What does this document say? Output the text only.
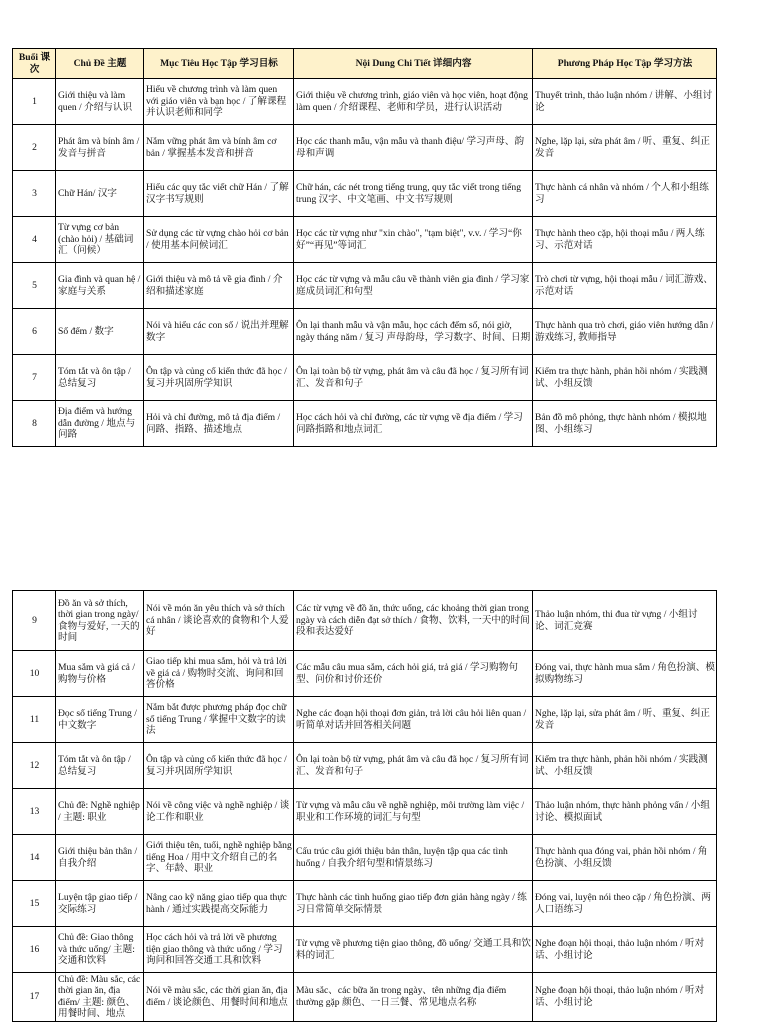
Buổi 课次	Chủ Đề 主题	Mục Tiêu Học Tập 学习目标	Nội Dung Chi Tiết 详细内容	Phương Pháp Học Tập 学习方法
1	Giới thiệu và làm quen / 介绍与认识	Hiểu về chương trình và làm quen với giáo viên và bạn học / 了解课程并认识老师和同学	Giới thiệu về chương trình, giáo viên và học viên, hoạt động làm quen / 介绍课程、老师和学员，进行认识活动	Thuyết trình, thảo luận nhóm / 讲解、小组讨论
2	Phát âm và bính âm / 发音与拼音	Nắm vững phát âm và bính âm cơ bản / 掌握基本发音和拼音	Học các thanh mẫu, vận mẫu và thanh điệu/ 学习声母、韵母和声调	Nghe, lặp lại, sửa phát âm / 听、重复、纠正发音
3	Chữ Hán/ 汉字	Hiểu các quy tắc viết chữ Hán / 了解汉字书写规则	Chữ hán, các nét trong tiếng trung, quy tắc viết trong tiếng trung 汉字、中文笔画、中文书写规则	Thực hành cá nhân và nhóm / 个人和小组练习
4	Từ vựng cơ bản (chào hỏi) / 基础词汇（问候）	Sử dụng các từ vựng chào hỏi cơ bản / 使用基本问候词汇	Học các từ vựng như "xin chào", "tạm biệt", v.v. / 学习“你好”“再见”等词汇	Thực hành theo cặp, hội thoại mẫu / 两人练习、示范对话
5	Gia đình và quan hệ / 家庭与关系	Giới thiệu và mô tả về gia đình / 介绍和描述家庭	Học các từ vựng và mẫu câu về thành viên gia đình / 学习家庭成员词汇和句型	Trò chơi từ vựng, hội thoại mẫu / 词汇游戏、示范对话
6	Số đếm / 数字	Nói và hiểu các con số / 说出并理解数字	Ôn lại thanh mẫu và vận mẫu, học cách đếm số, nói giờ, ngày tháng năm / 复习 声母韵母，学习数字、时间、日期	Thực hành qua trò chơi, giáo viên hướng dẫn / 游戏练习, 教师指导
7	Tóm tắt và ôn tập / 总结复习	Ôn tập và củng cố kiến thức đã học / 复习并巩固所学知识	Ôn lại toàn bộ từ vựng, phát âm và câu đã học / 复习所有词汇、发音和句子	Kiểm tra thực hành, phản hồi nhóm / 实践测试、小组反馈
8	Địa điểm và hướng dẫn đường / 地点与问路	Hỏi và chỉ đường, mô tả địa điểm / 问路、指路、描述地点	Học cách hỏi và chỉ đường, các từ vựng về địa điểm / 学习问路指路和地点词汇	Bản đồ mô phỏng, thực hành nhóm / 模拟地图、小组练习
9	Đồ ăn và sở thích, thời gian trong ngày/ 食物与爱好, 一天的时间	Nói về món ăn yêu thích và sở thích cá nhân / 谈论喜欢的食物和个人爱好	Các từ vựng về đồ ăn, thức uống, các khoảng thời gian trong ngày và cách diễn đạt sở thích / 食物、饮料, 一天中的时间段和表达爱好	Thảo luận nhóm, thi đua từ vựng / 小组讨论、词汇竞赛
10	Mua sắm và giá cả / 购物与价格	Giao tiếp khi mua sắm, hỏi và trả lời về giá cả / 购物时交流、询问和回答价格	Các mẫu câu mua sắm, cách hỏi giá, trả giá / 学习购物句型、问价和讨价还价	Đóng vai, thực hành mua sắm / 角色扮演、模拟购物练习
11	Đọc số tiếng Trung / 中文数字	Nắm bắt được phương pháp đọc chữ số tiếng Trung / 掌握中文数字的读法	Nghe các đoạn hội thoại đơn giản, trả lời câu hỏi liên quan / 听简单对话并回答相关问题	Nghe, lặp lại, sửa phát âm / 听、重复、纠正发音
12	Tóm tắt và ôn tập / 总结复习	Ôn tập và củng cố kiến thức đã học / 复习并巩固所学知识	Ôn lại toàn bộ từ vựng, phát âm và câu đã học / 复习所有词汇、发音和句子	Kiểm tra thực hành, phản hồi nhóm / 实践测试、小组反馈
13	Chủ đề: Nghề nghiệp / 主题: 职业	Nói về công việc và nghề nghiệp / 谈论工作和职业	Từ vựng và mẫu câu về nghề nghiệp, môi trường làm việc / 职业和工作环境的词汇与句型	Thảo luận nhóm, thực hành phỏng vấn / 小组讨论、模拟面试
14	Giới thiệu bản thân / 自我介绍	Giới thiệu tên, tuổi, nghề nghiệp bằng tiếng Hoa / 用中文介绍自己的名字、年龄、职业	Cấu trúc câu giới thiệu bản thân, luyện tập qua các tình huống / 自我介绍句型和情景练习	Thực hành qua đóng vai, phản hồi nhóm / 角色扮演、小组反馈
15	Luyện tập giao tiếp / 交际练习	Nâng cao kỹ năng giao tiếp qua thực hành / 通过实践提高交际能力	Thực hành các tình huống giao tiếp đơn giản hàng ngày / 练习日常简单交际情景	Đóng vai, luyện nói theo cặp / 角色扮演、两人口语练习
16	Chủ đề: Giao thông và thức uống/ 主题: 交通和饮料	Học cách hỏi và trả lời về phương tiện giao thông và thức uống / 学习询问和回答交通工具和饮料	Từ vựng về phương tiện giao thông, đồ uống/ 交通工具和饮料的词汇	Nghe đoạn hội thoại, thảo luận nhóm / 听对话、小组讨论
17	Chủ đề: Màu sắc, các thời gian ăn, địa điểm/ 主题: 颜色、用餐时间、地点	Nói về màu sắc, các thời gian ăn, địa điểm / 谈论颜色、用餐时间和地点	Màu sắc、các bữa ăn trong ngày、tên những địa điểm thường gặp 颜色、一日三餐、常见地点名称	Nghe đoạn hội thoại, thảo luận nhóm / 听对话、小组讨论
